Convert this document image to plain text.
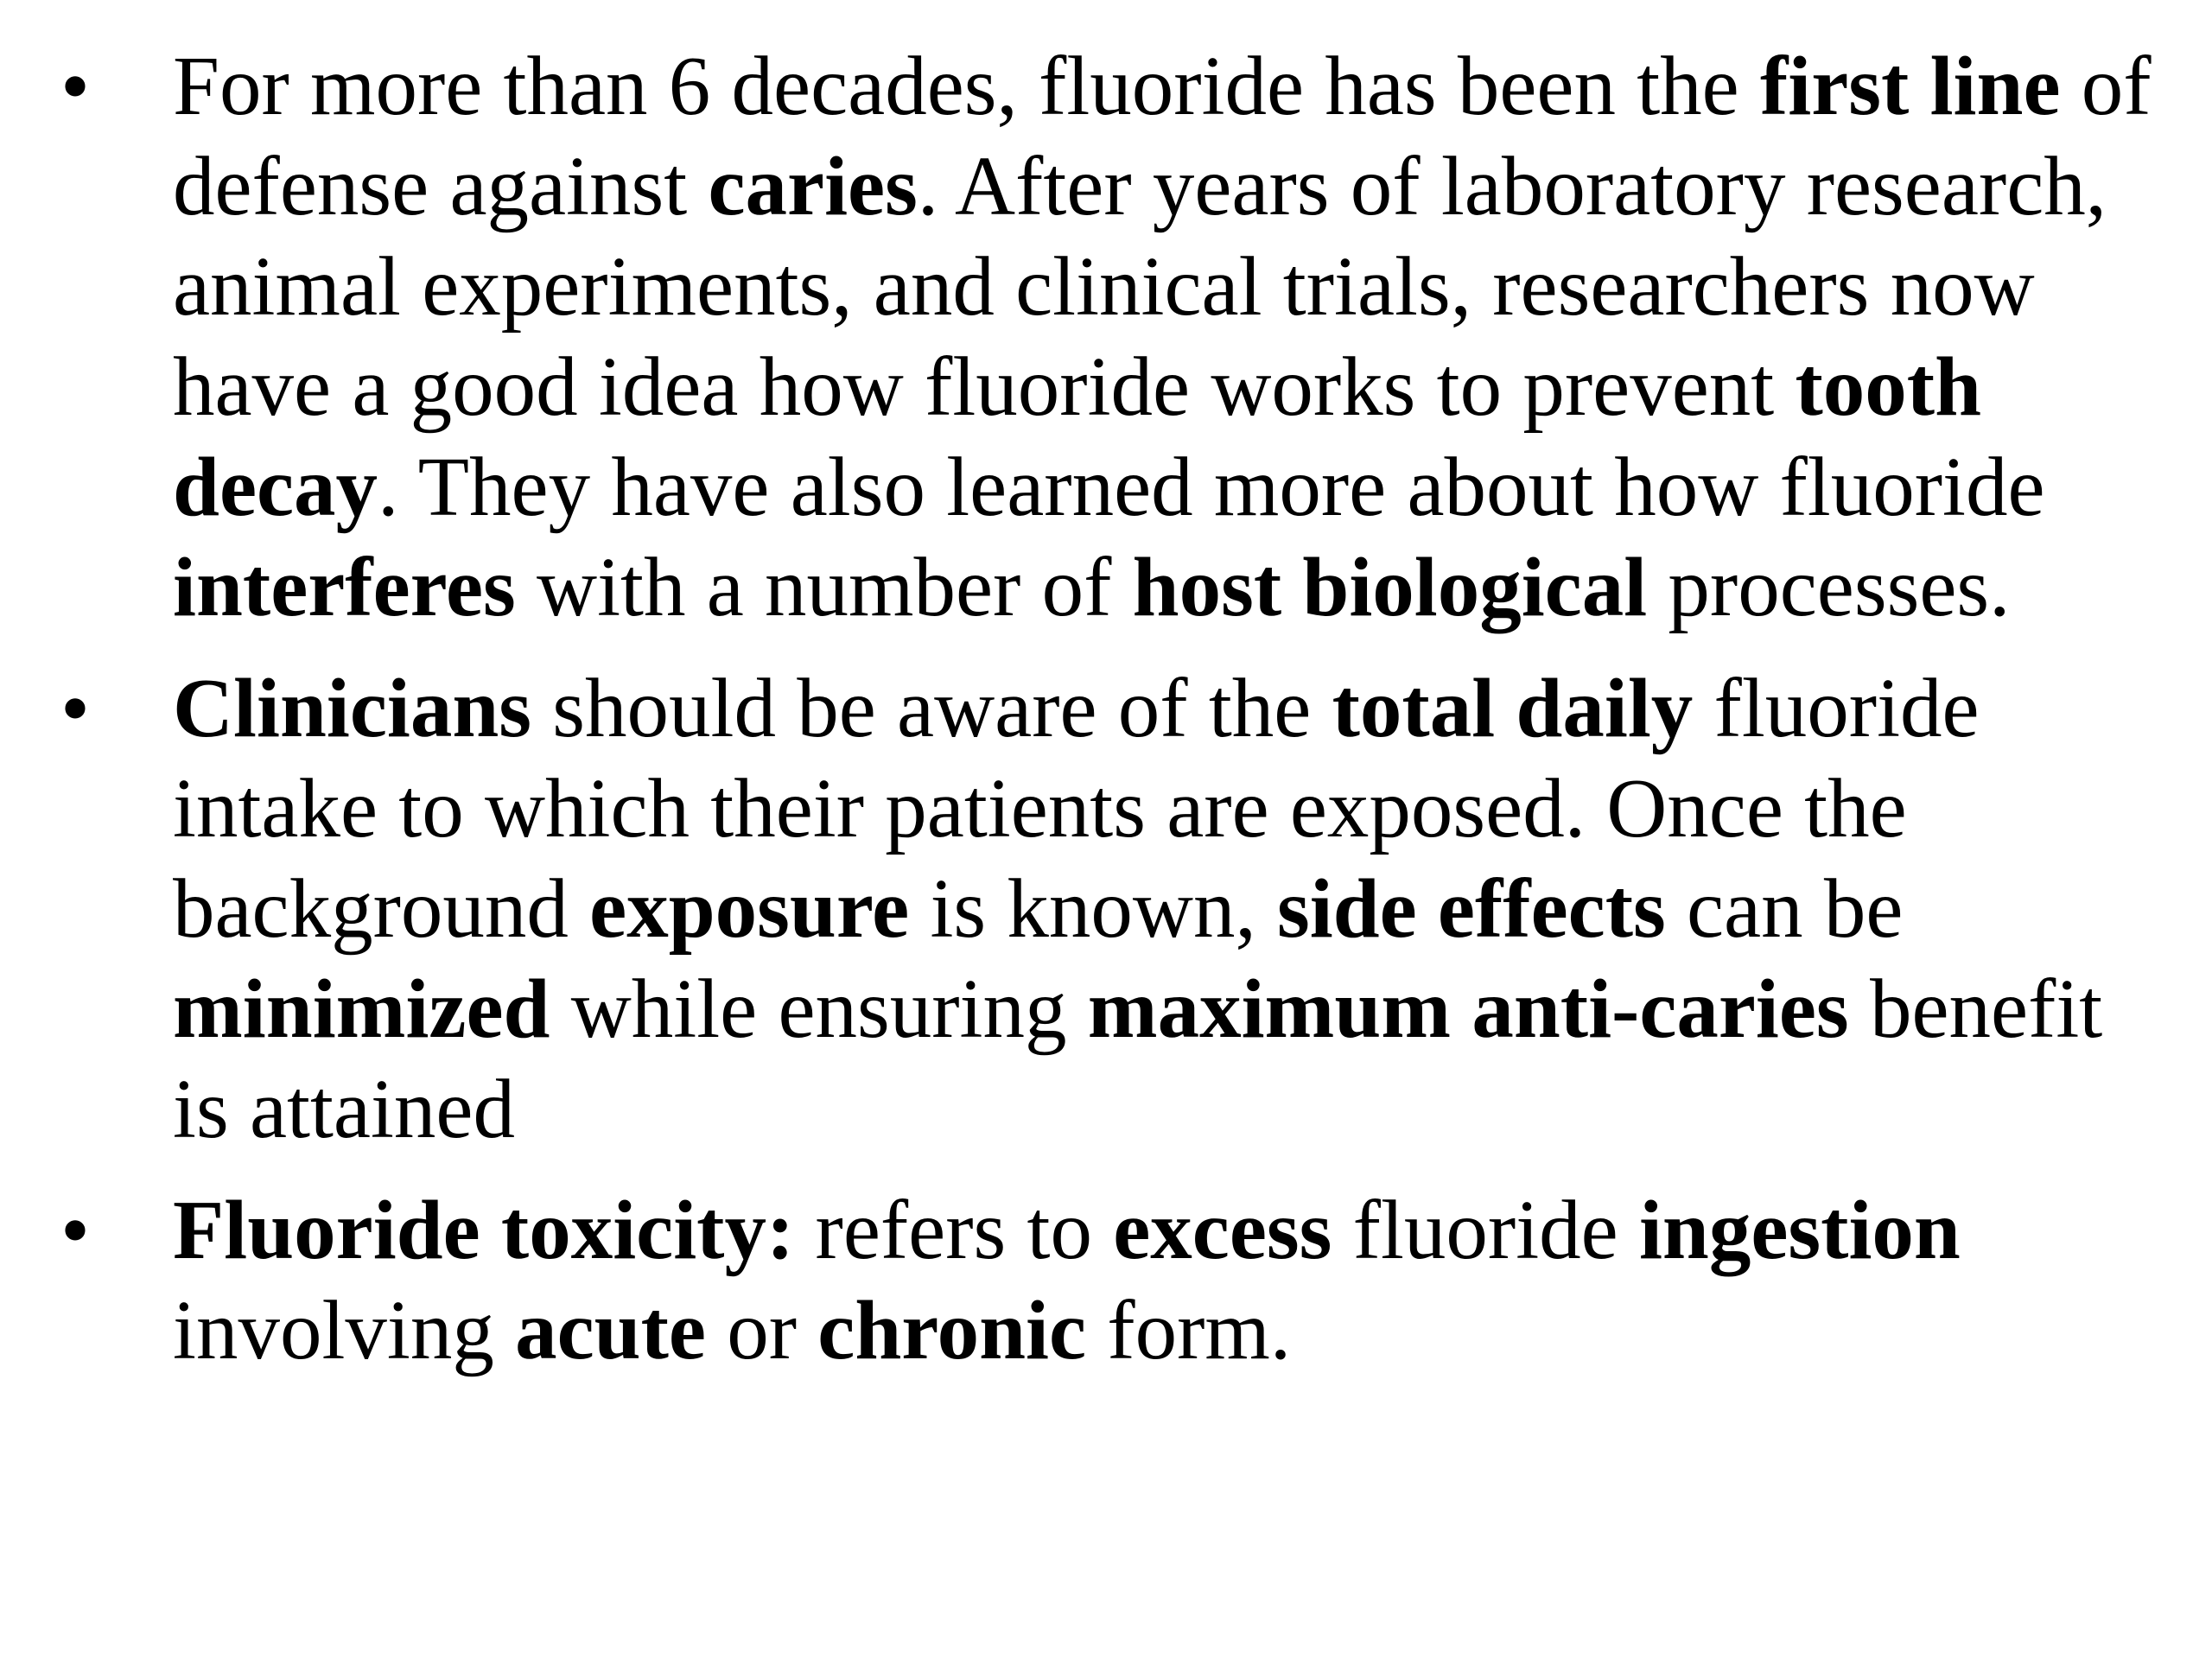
• For more than 6 decades, fluoride has been the first line of defense against caries. After years of laboratory research, animal experiments, and clinical trials, researchers now have a good idea how fluoride works to prevent tooth decay. They have also learned more about how fluoride interferes with a number of host biological processes.
• Clinicians should be aware of the total daily fluoride intake to which their patients are exposed. Once the background exposure is known, side effects can be minimized while ensuring maximum anti-caries benefit is attained
• Fluoride toxicity: refers to excess fluoride ingestion involving acute or chronic form.
